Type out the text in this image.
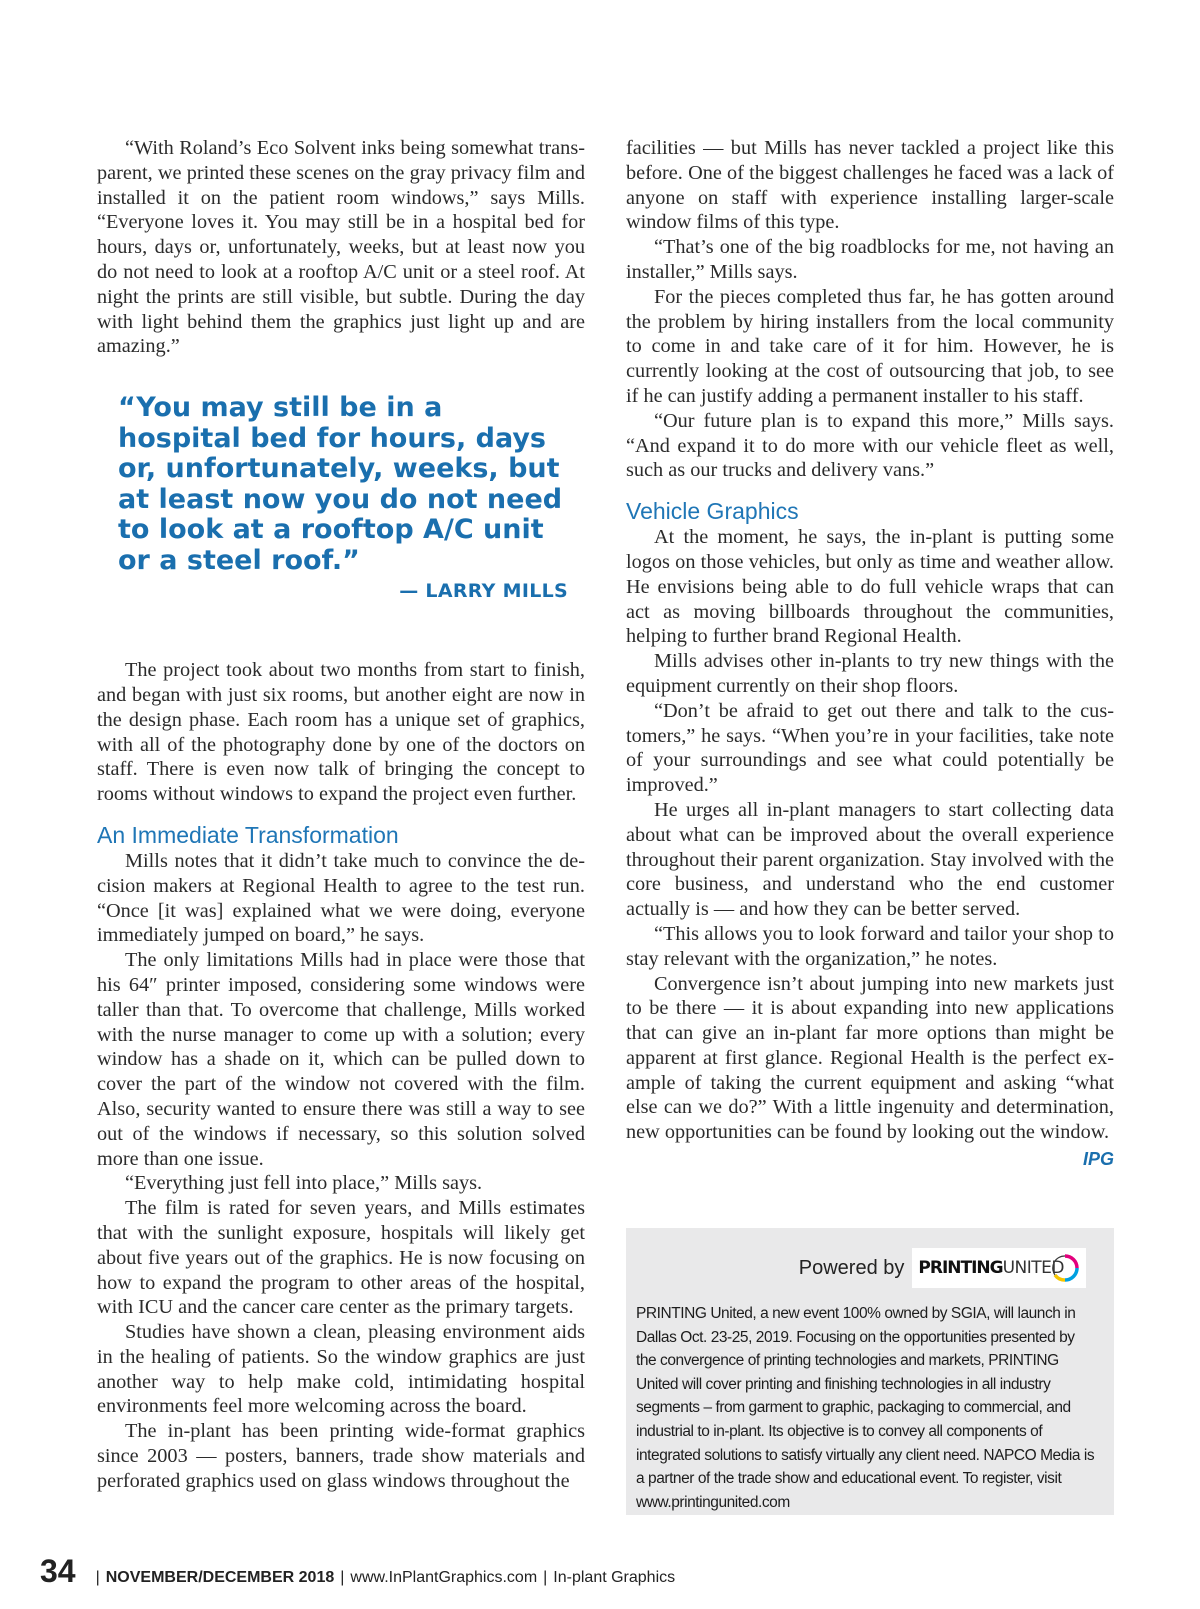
“With Roland’s Eco Solvent inks being somewhat transparent, we printed these scenes on the gray privacy film and installed it on the patient room windows,” says Mills. “Everyone loves it. You may still be in a hospital bed for hours, days or, unfortunately, weeks, but at least now you do not need to look at a rooftop A/C unit or a steel roof. At night the prints are still visible, but subtle. During the day with light behind them the graphics just light up and are amazing.”

“You may still be in a hospital bed for hours, days or, unfortunately, weeks, but at least now you do not need to look at a rooftop A/C unit or a steel roof.”
— LARRY MILLS

The project took about two months from start to finish, and began with just six rooms, but another eight are now in the design phase. Each room has a unique set of graphics, with all of the photography done by one of the doctors on staff. There is even now talk of bringing the concept to rooms without windows to expand the project even further.

An Immediate Transformation

Mills notes that it didn’t take much to convince the decision makers at Regional Health to agree to the test run. “Once [it was] explained what we were doing, everyone immediately jumped on board,” he says.

The only limitations Mills had in place were those that his 64″ printer imposed, considering some windows were taller than that. To overcome that challenge, Mills worked with the nurse manager to come up with a solution; every window has a shade on it, which can be pulled down to cover the part of the window not covered with the film. Also, security wanted to ensure there was still a way to see out of the windows if necessary, so this solution solved more than one issue.

“Everything just fell into place,” Mills says.

The film is rated for seven years, and Mills estimates that with the sunlight exposure, hospitals will likely get about five years out of the graphics. He is now focusing on how to expand the program to other areas of the hospital, with ICU and the cancer care center as the primary targets.

Studies have shown a clean, pleasing environment aids in the healing of patients. So the window graphics are just another way to help make cold, intimidating hospital environments feel more welcoming across the board.

The in-plant has been printing wide-format graphics since 2003 — posters, banners, trade show materials and perforated graphics used on glass windows throughout the

facilities — but Mills has never tackled a project like this before. One of the biggest challenges he faced was a lack of anyone on staff with experience installing larger-scale window films of this type.

“That’s one of the big roadblocks for me, not having an installer,” Mills says.

For the pieces completed thus far, he has gotten around the problem by hiring installers from the local community to come in and take care of it for him. However, he is currently looking at the cost of outsourcing that job, to see if he can justify adding a permanent installer to his staff.

“Our future plan is to expand this more,” Mills says. “And expand it to do more with our vehicle fleet as well, such as our trucks and delivery vans.”

Vehicle Graphics

At the moment, he says, the in-plant is putting some logos on those vehicles, but only as time and weather allow. He envisions being able to do full vehicle wraps that can act as moving billboards throughout the communities, helping to further brand Regional Health.

Mills advises other in-plants to try new things with the equipment currently on their shop floors.

“Don’t be afraid to get out there and talk to the customers,” he says. “When you’re in your facilities, take note of your surroundings and see what could potentially be improved.”

He urges all in-plant managers to start collecting data about what can be improved about the overall experience throughout their parent organization. Stay involved with the core business, and understand who the end customer actually is — and how they can be better served.

“This allows you to look forward and tailor your shop to stay relevant with the organization,” he notes.

Convergence isn’t about jumping into new markets just to be there — it is about expanding into new applications that can give an in-plant far more options than might be apparent at first glance. Regional Health is the perfect example of taking the current equipment and asking “what else can we do?” With a little ingenuity and determination, new opportunities can be found by looking out the window.
IPG

Powered by PRINTING UNITED
PRINTING United, a new event 100% owned by SGIA, will launch in Dallas Oct. 23-25, 2019. Focusing on the opportunities presented by the convergence of printing technologies and markets, PRINTING United will cover printing and finishing technologies in all industry segments – from garment to graphic, packaging to commercial, and industrial to in-plant. Its objective is to convey all components of integrated solutions to satisfy virtually any client need. NAPCO Media is a partner of the trade show and educational event. To register, visit www.printingunited.com
34	| NOVEMBER/DECEMBER 2018 | www.InPlantGraphics.com | In-plant Graphics
